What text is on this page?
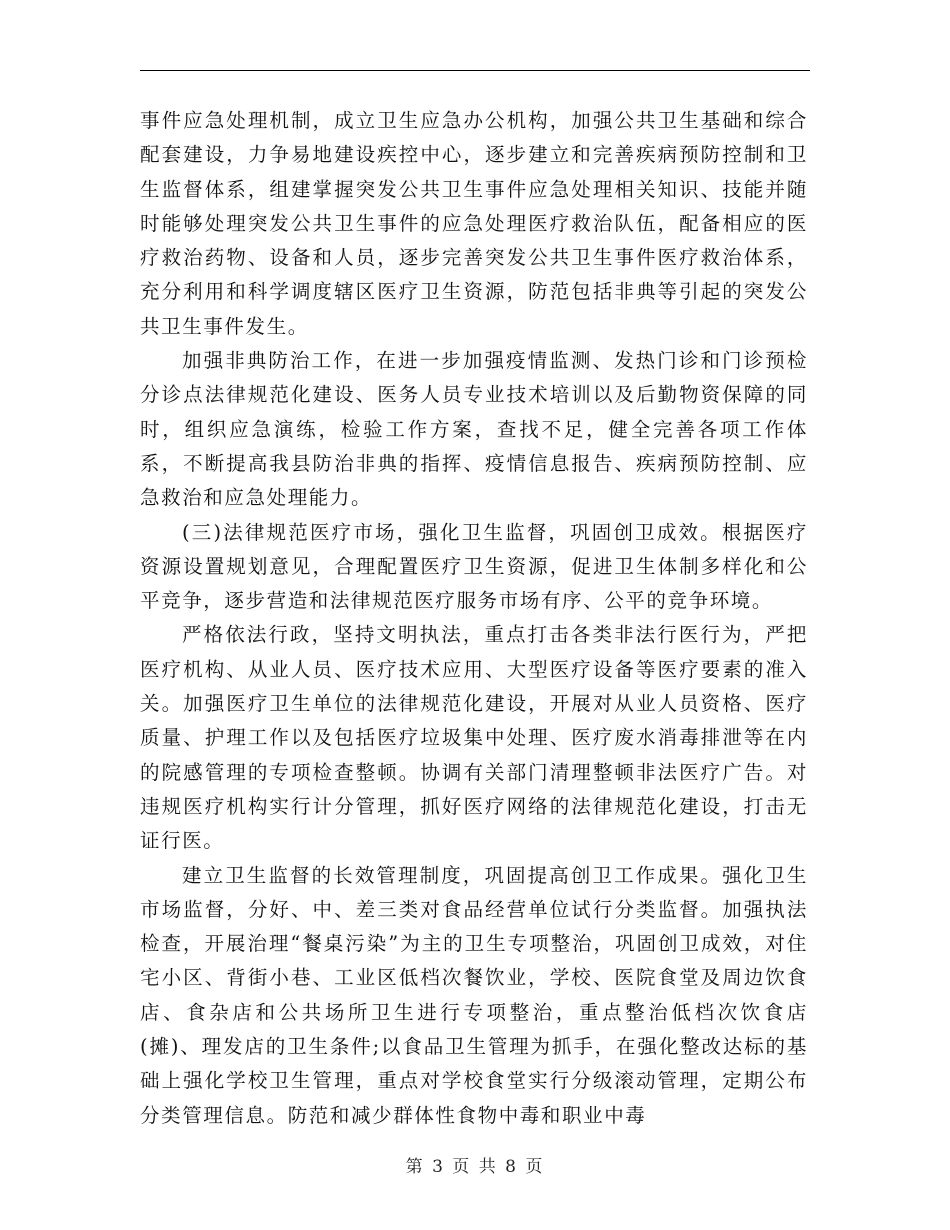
事件应急处理机制，成立卫生应急办公机构，加强公共卫生基础和综合配套建设，力争易地建设疾控中心，逐步建立和完善疾病预防控制和卫生监督体系，组建掌握突发公共卫生事件应急处理相关知识、技能并随时能够处理突发公共卫生事件的应急处理医疗救治队伍，配备相应的医疗救治药物、设备和人员，逐步完善突发公共卫生事件医疗救治体系，充分利用和科学调度辖区医疗卫生资源，防范包括非典等引起的突发公共卫生事件发生。

加强非典防治工作，在进一步加强疫情监测、发热门诊和门诊预检分诊点法律规范化建设、医务人员专业技术培训以及后勤物资保障的同时，组织应急演练，检验工作方案，查找不足，健全完善各项工作体系，不断提高我县防治非典的指挥、疫情信息报告、疾病预防控制、应急救治和应急处理能力。

(三)法律规范医疗市场，强化卫生监督，巩固创卫成效。根据医疗资源设置规划意见，合理配置医疗卫生资源，促进卫生体制多样化和公平竞争，逐步营造和法律规范医疗服务市场有序、公平的竞争环境。

严格依法行政，坚持文明执法，重点打击各类非法行医行为，严把医疗机构、从业人员、医疗技术应用、大型医疗设备等医疗要素的准入关。加强医疗卫生单位的法律规范化建设，开展对从业人员资格、医疗质量、护理工作以及包括医疗垃圾集中处理、医疗废水消毒排泄等在内的院感管理的专项检查整顿。协调有关部门清理整顿非法医疗广告。对违规医疗机构实行计分管理，抓好医疗网络的法律规范化建设，打击无证行医。

建立卫生监督的长效管理制度，巩固提高创卫工作成果。强化卫生市场监督，分好、中、差三类对食品经营单位试行分类监督。加强执法检查，开展治理“餐桌污染”为主的卫生专项整治，巩固创卫成效，对住宅小区、背街小巷、工业区低档次餐饮业，学校、医院食堂及周边饮食店、食杂店和公共场所卫生进行专项整治，重点整治低档次饮食店(摊)、理发店的卫生条件;以食品卫生管理为抓手，在强化整改达标的基础上强化学校卫生管理，重点对学校食堂实行分级滚动管理，定期公布分类管理信息。防范和减少群体性食物中毒和职业中毒

第 3 页 共 8 页
